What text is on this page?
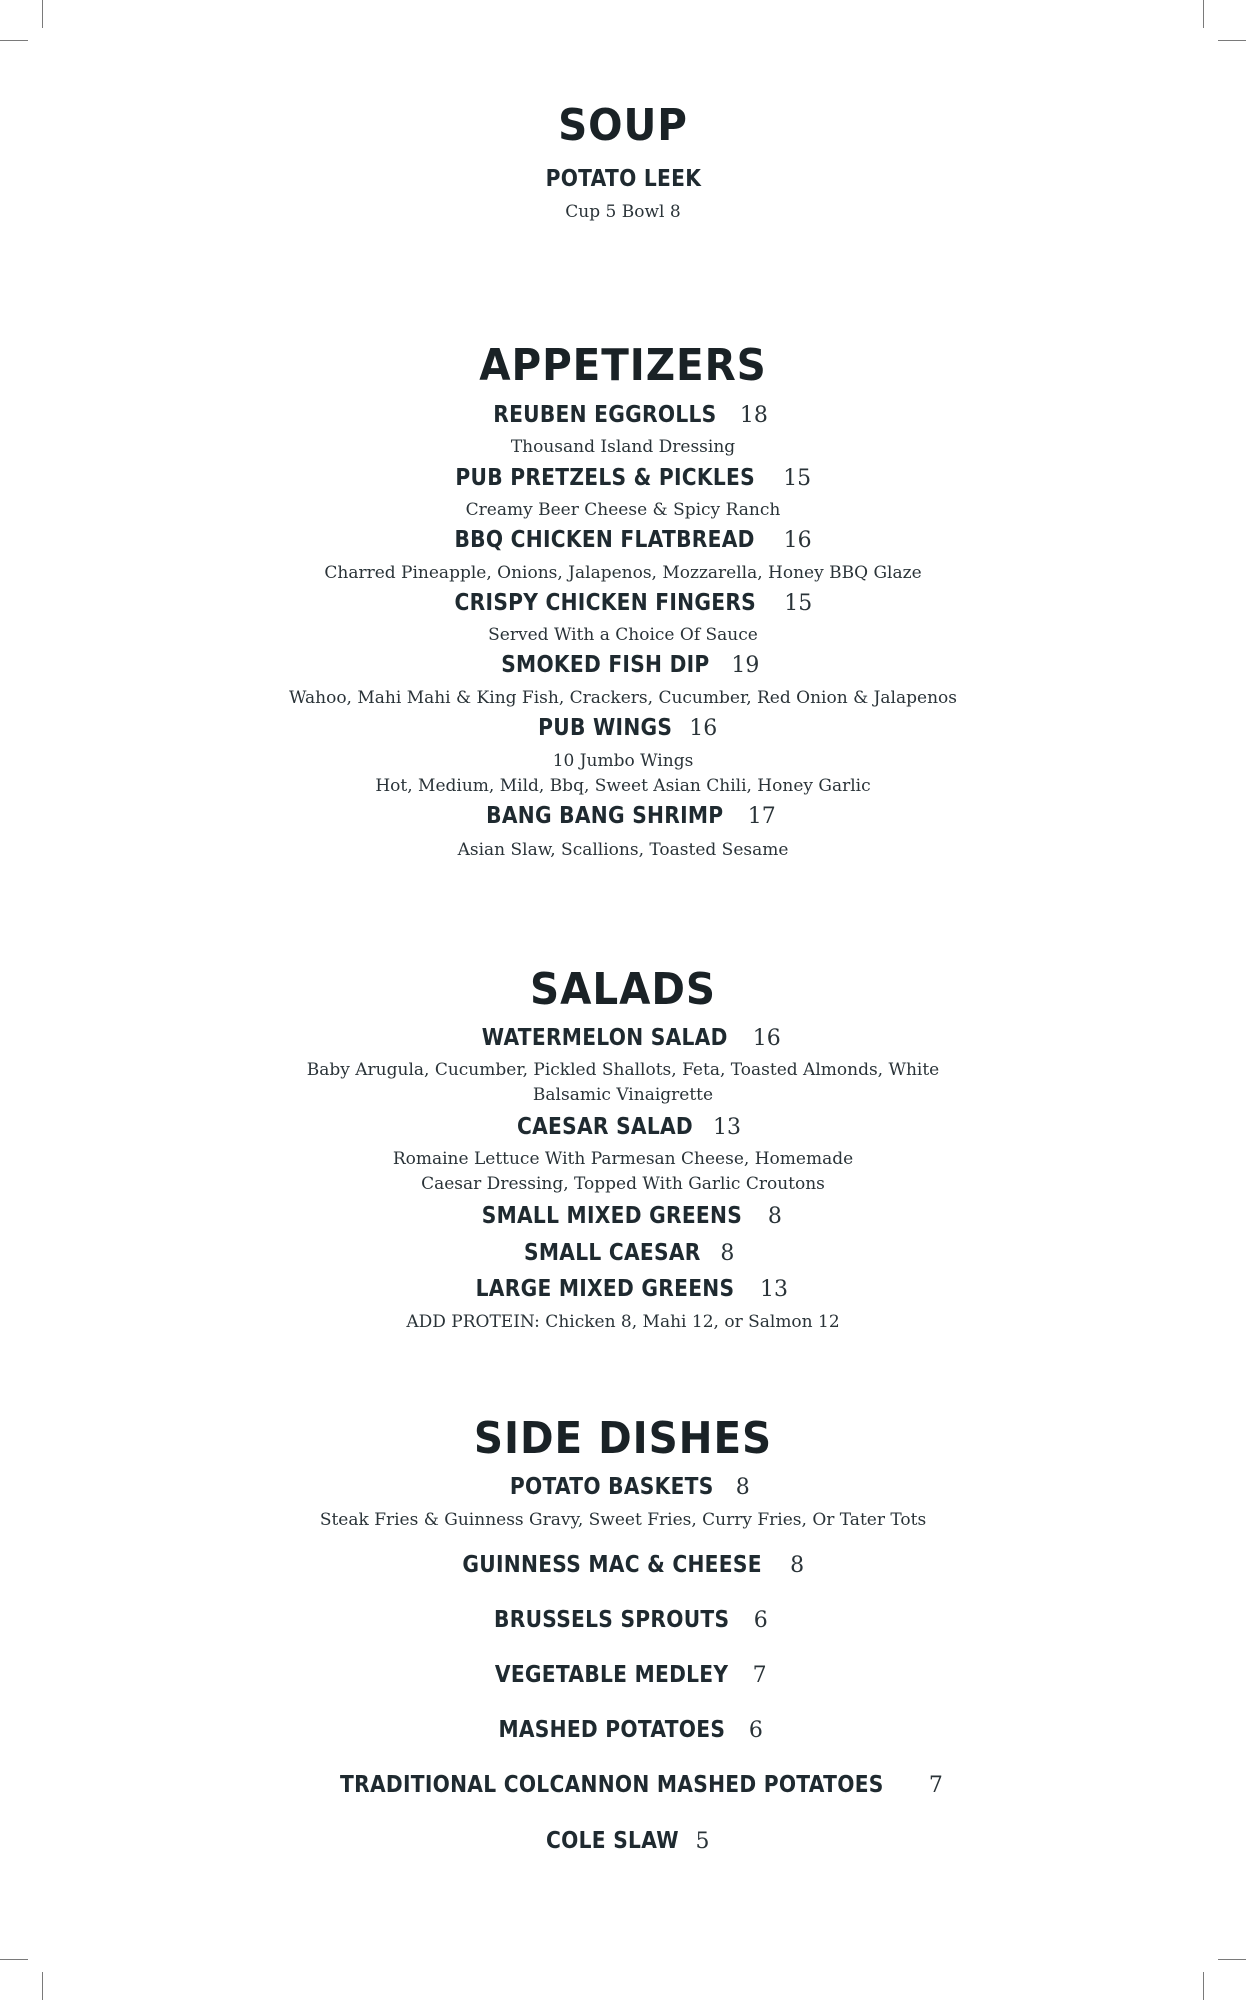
SOUP
POTATO LEEK
Cup 5 Bowl 8
APPETIZERS
REUBEN EGGROLLS 18
Thousand Island Dressing
PUB PRETZELS & PICKLES 15
Creamy Beer Cheese & Spicy Ranch
BBQ CHICKEN FLATBREAD 16
Charred Pineapple, Onions, Jalapenos, Mozzarella, Honey BBQ Glaze
CRISPY CHICKEN FINGERS 15
Served With a Choice Of Sauce
SMOKED FISH DIP 19
Wahoo, Mahi Mahi & King Fish, Crackers, Cucumber, Red Onion & Jalapenos
PUB WINGS 16
10 Jumbo Wings
Hot, Medium, Mild, Bbq, Sweet Asian Chili, Honey Garlic
BANG BANG SHRIMP 17
Asian Slaw, Scallions, Toasted Sesame
SALADS
WATERMELON SALAD 16
Baby Arugula, Cucumber, Pickled Shallots, Feta, Toasted Almonds, White Balsamic Vinaigrette
CAESAR SALAD 13
Romaine Lettuce With Parmesan Cheese, Homemade Caesar Dressing, Topped With Garlic Croutons
SMALL MIXED GREENS 8
SMALL CAESAR 8
LARGE MIXED GREENS 13
ADD PROTEIN: Chicken 8, Mahi 12, or Salmon 12
SIDE DISHES
POTATO BASKETS 8
Steak Fries & Guinness Gravy, Sweet Fries, Curry Fries, Or Tater Tots
GUINNESS MAC & CHEESE 8
BRUSSELS SPROUTS 6
VEGETABLE MEDLEY 7
MASHED POTATOES 6
TRADITIONAL COLCANNON MASHED POTATOES 7
COLE SLAW 5
